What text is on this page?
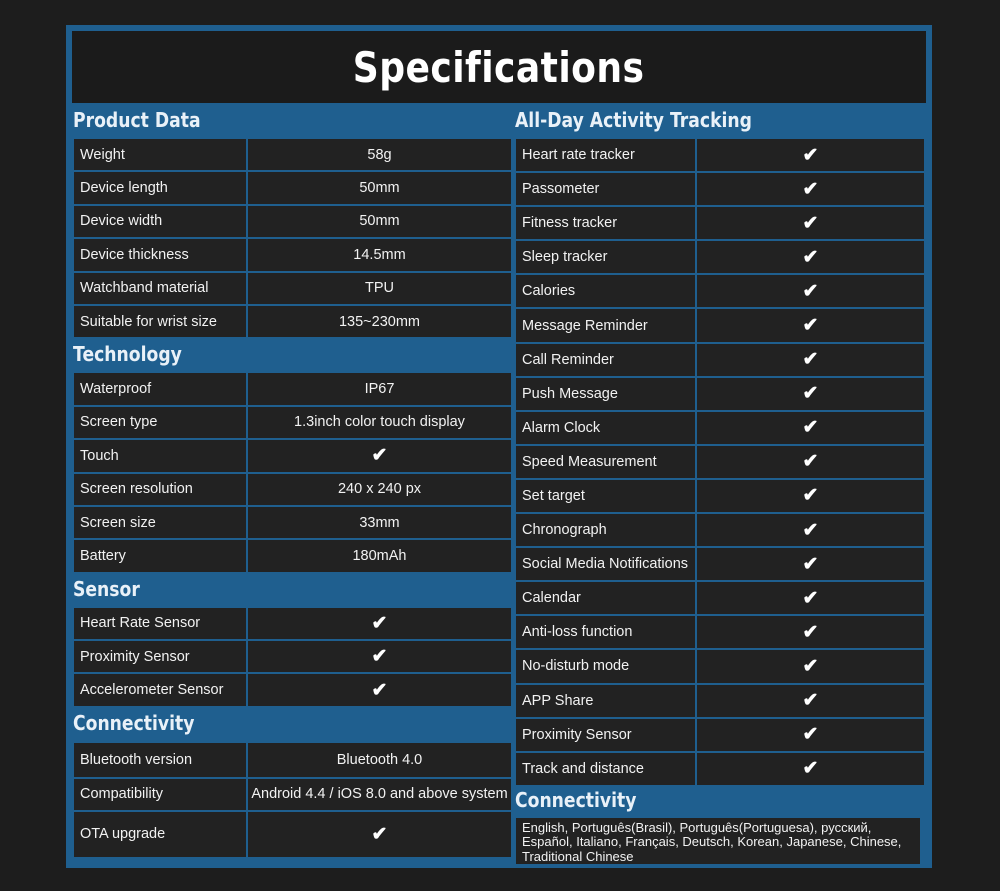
Specifications
Product Data
Weight	58g
Device length	50mm
Device width	50mm
Device thickness	14.5mm
Watchband material	TPU
Suitable for wrist size	135~230mm
Technology
Waterproof	IP67
Screen type	1.3inch color touch display
Touch	✔
Screen resolution	240 x 240 px
Screen size	33mm
Battery	180mAh
Sensor
Heart Rate Sensor	✔
Proximity Sensor	✔
Accelerometer Sensor	✔
Connectivity
Bluetooth version	Bluetooth 4.0
Compatibility	Android 4.4 / iOS 8.0 and above system
OTA upgrade	✔
All-Day Activity Tracking
Heart rate tracker	✔
Passometer	✔
Fitness tracker	✔
Sleep tracker	✔
Calories	✔
Message Reminder	✔
Call Reminder	✔
Push Message	✔
Alarm Clock	✔
Speed Measurement	✔
Set target	✔
Chronograph	✔
Social Media Notifications	✔
Calendar	✔
Anti-loss function	✔
No-disturb mode	✔
APP Share	✔
Proximity Sensor	✔
Track and distance	✔
Connectivity
English, Português(Brasil), Português(Portuguesa), русский, Español, Italiano, Français, Deutsch, Korean, Japanese, Chinese, Traditional Chinese
